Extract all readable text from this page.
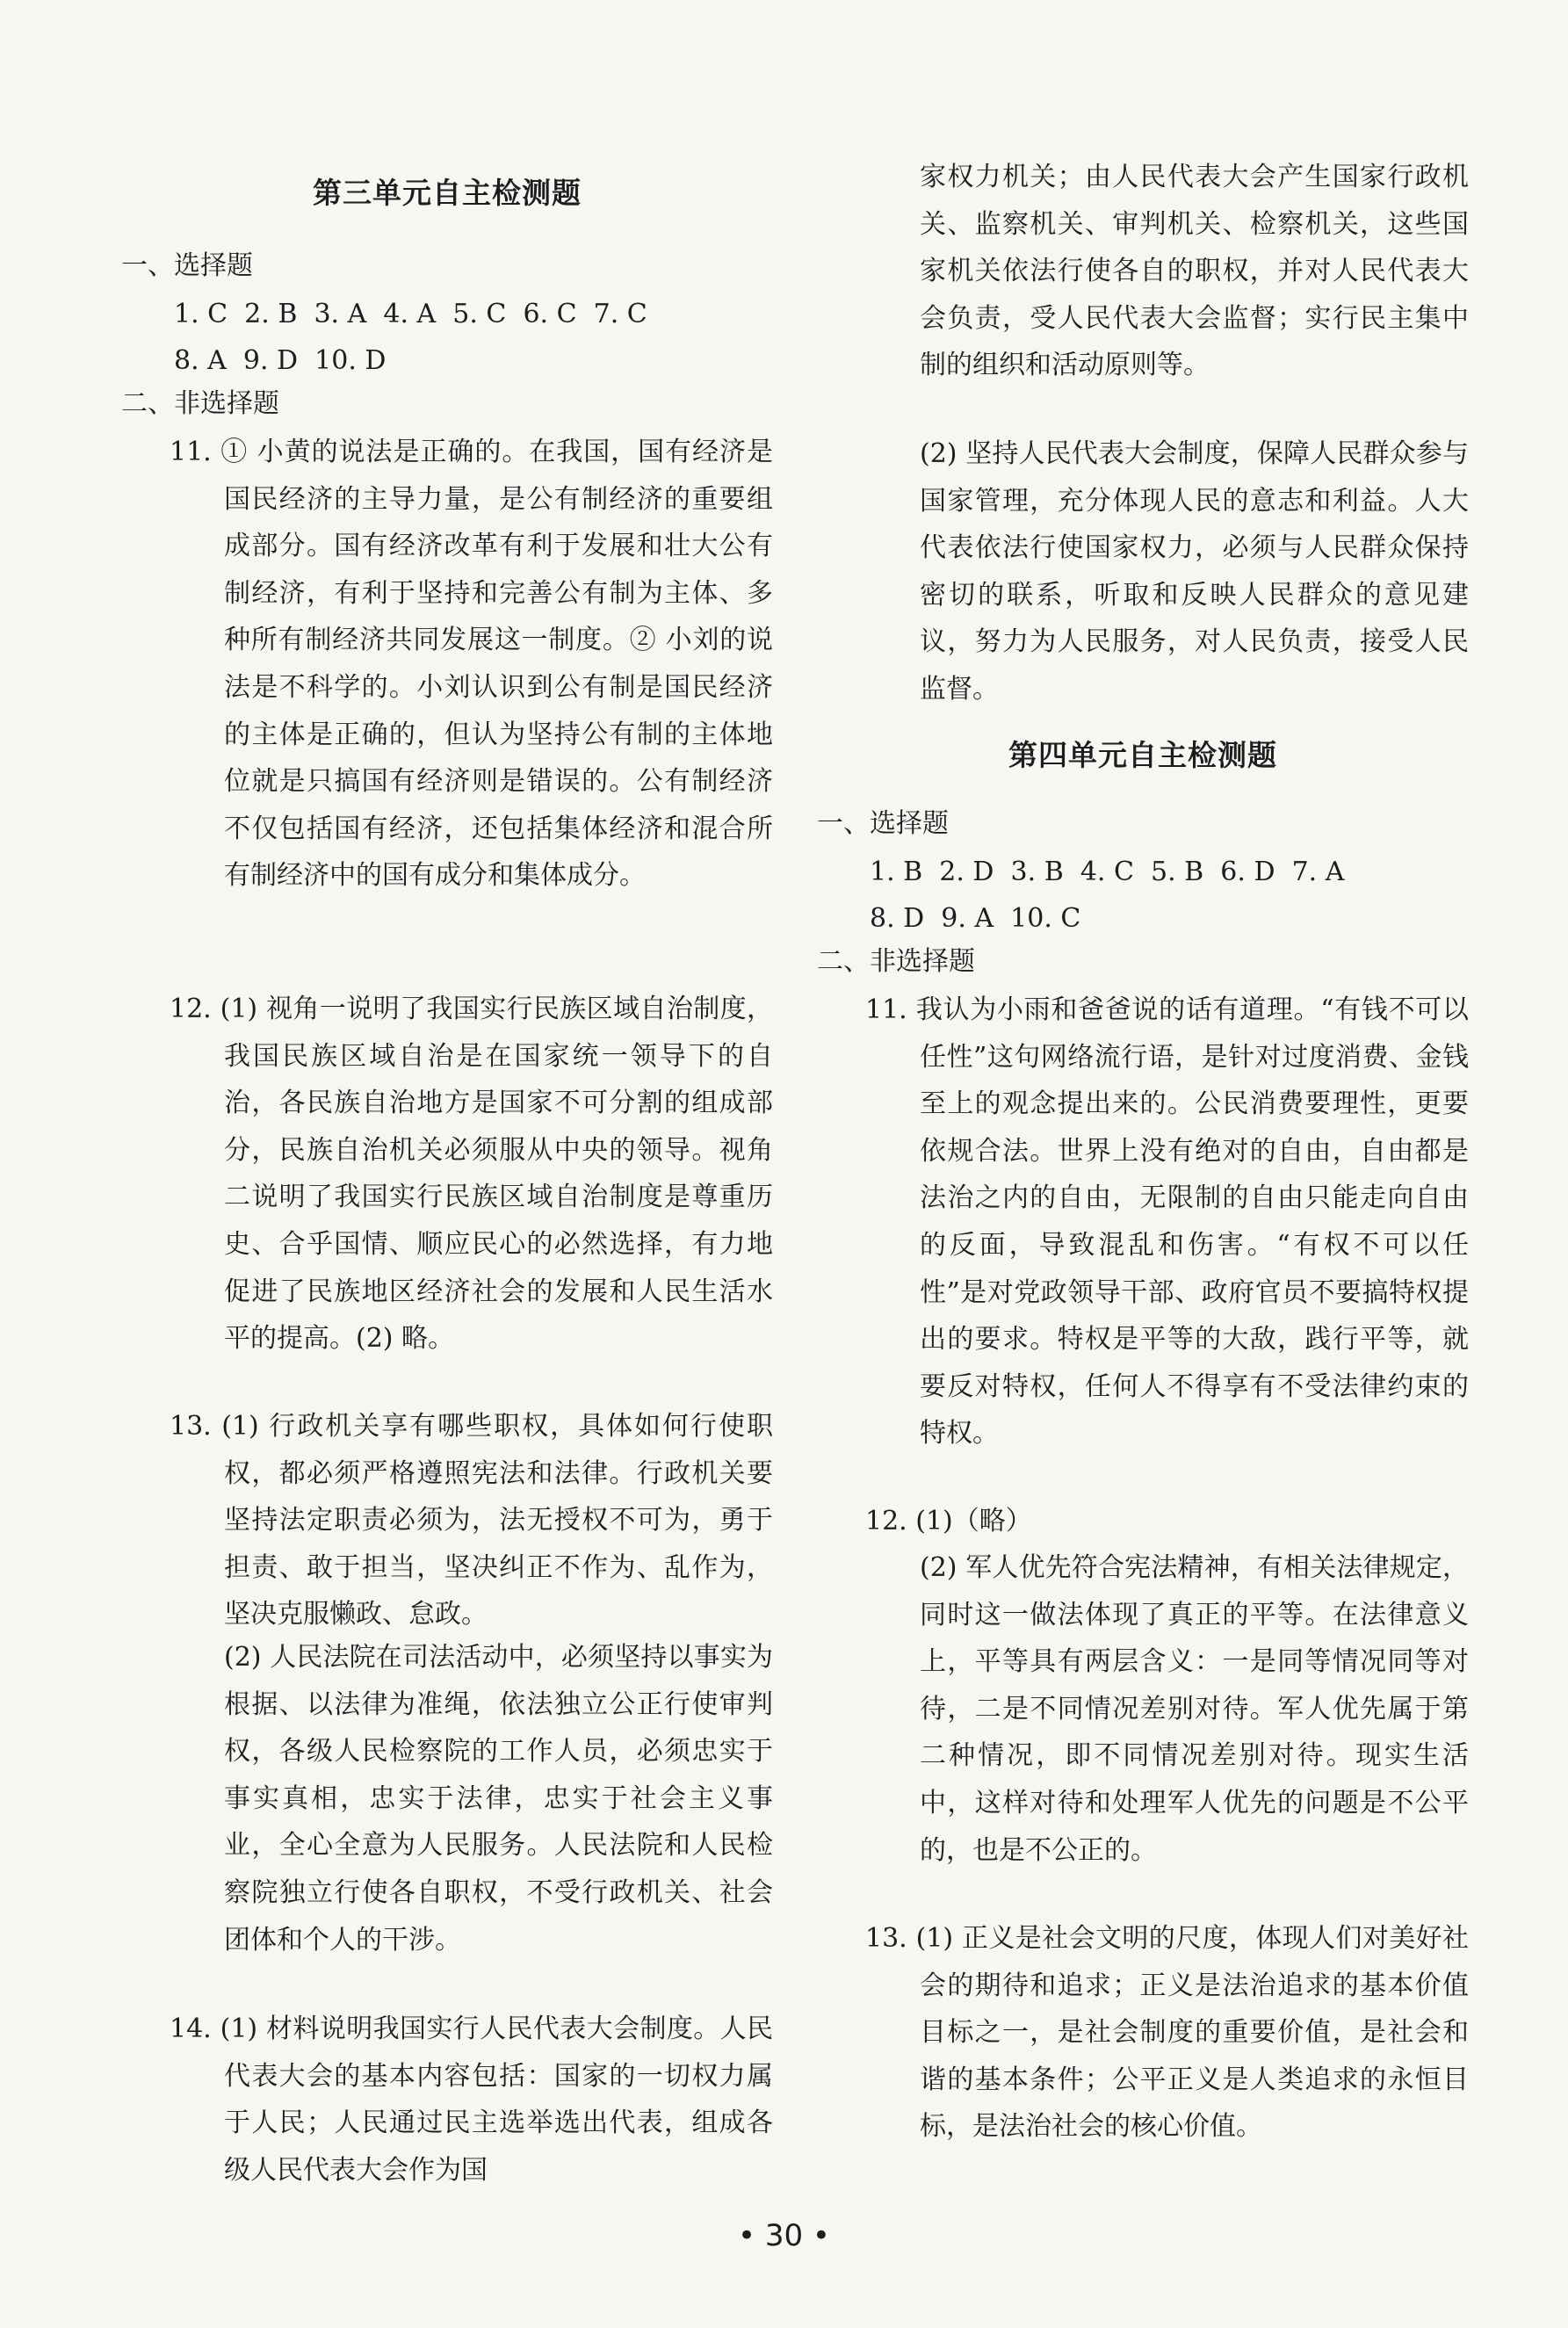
第三单元自主检测题
一、选择题
1. C  2. B  3. A  4. A  5. C  6. C  7. C
8. A  9. D  10. D
二、非选择题

11. ① 小黄的说法是正确的。在我国，国有经济是国民经济的主导力量，是公有制经济的重要组成部分。国有经济改革有利于发展和壮大公有制经济，有利于坚持和完善公有制为主体、多种所有制经济共同发展这一制度。② 小刘的说法是不科学的。小刘认识到公有制是国民经济的主体是正确的，但认为坚持公有制的主体地位就是只搞国有经济则是错误的。公有制经济不仅包括国有经济，还包括集体经济和混合所有制经济中的国有成分和集体成分。

12. (1) 视角一说明了我国实行民族区域自治制度，我国民族区域自治是在国家统一领导下的自治，各民族自治地方是国家不可分割的组成部分，民族自治机关必须服从中央的领导。视角二说明了我国实行民族区域自治制度是尊重历史、合乎国情、顺应民心的必然选择，有力地促进了民族地区经济社会的发展和人民生活水平的提高。(2) 略。

13. (1) 行政机关享有哪些职权，具体如何行使职权，都必须严格遵照宪法和法律。行政机关要坚持法定职责必须为，法无授权不可为，勇于担责、敢于担当，坚决纠正不作为、乱作为，坚决克服懒政、怠政。

(2) 人民法院在司法活动中，必须坚持以事实为根据、以法律为准绳，依法独立公正行使审判权，各级人民检察院的工作人员，必须忠实于事实真相，忠实于法律，忠实于社会主义事业，全心全意为人民服务。人民法院和人民检察院独立行使各自职权，不受行政机关、社会团体和个人的干涉。

14. (1) 材料说明我国实行人民代表大会制度。人民代表大会的基本内容包括：国家的一切权力属于人民；人民通过民主选举选出代表，组成各级人民代表大会作为国

家权力机关；由人民代表大会产生国家行政机关、监察机关、审判机关、检察机关，这些国家机关依法行使各自的职权，并对人民代表大会负责，受人民代表大会监督；实行民主集中制的组织和活动原则等。

(2) 坚持人民代表大会制度，保障人民群众参与国家管理，充分体现人民的意志和利益。人大代表依法行使国家权力，必须与人民群众保持密切的联系，听取和反映人民群众的意见建议，努力为人民服务，对人民负责，接受人民监督。

第四单元自主检测题
一、选择题
1. B  2. D  3. B  4. C  5. B  6. D  7. A
8. D  9. A  10. C
二、非选择题

11. 我认为小雨和爸爸说的话有道理。“有钱不可以任性”这句网络流行语，是针对过度消费、金钱至上的观念提出来的。公民消费要理性，更要依规合法。世界上没有绝对的自由，自由都是法治之内的自由，无限制的自由只能走向自由的反面，导致混乱和伤害。“有权不可以任性”是对党政领导干部、政府官员不要搞特权提出的要求。特权是平等的大敌，践行平等，就要反对特权，任何人不得享有不受法律约束的特权。

12. (1)（略）

(2) 军人优先符合宪法精神，有相关法律规定，同时这一做法体现了真正的平等。在法律意义上，平等具有两层含义：一是同等情况同等对待，二是不同情况差别对待。军人优先属于第二种情况，即不同情况差别对待。现实生活中，这样对待和处理军人优先的问题是不公平的，也是不公正的。

13. (1) 正义是社会文明的尺度，体现人们对美好社会的期待和追求；正义是法治追求的基本价值目标之一，是社会制度的重要价值，是社会和谐的基本条件；公平正义是人类追求的永恒目标，是法治社会的核心价值。

• 30 •
